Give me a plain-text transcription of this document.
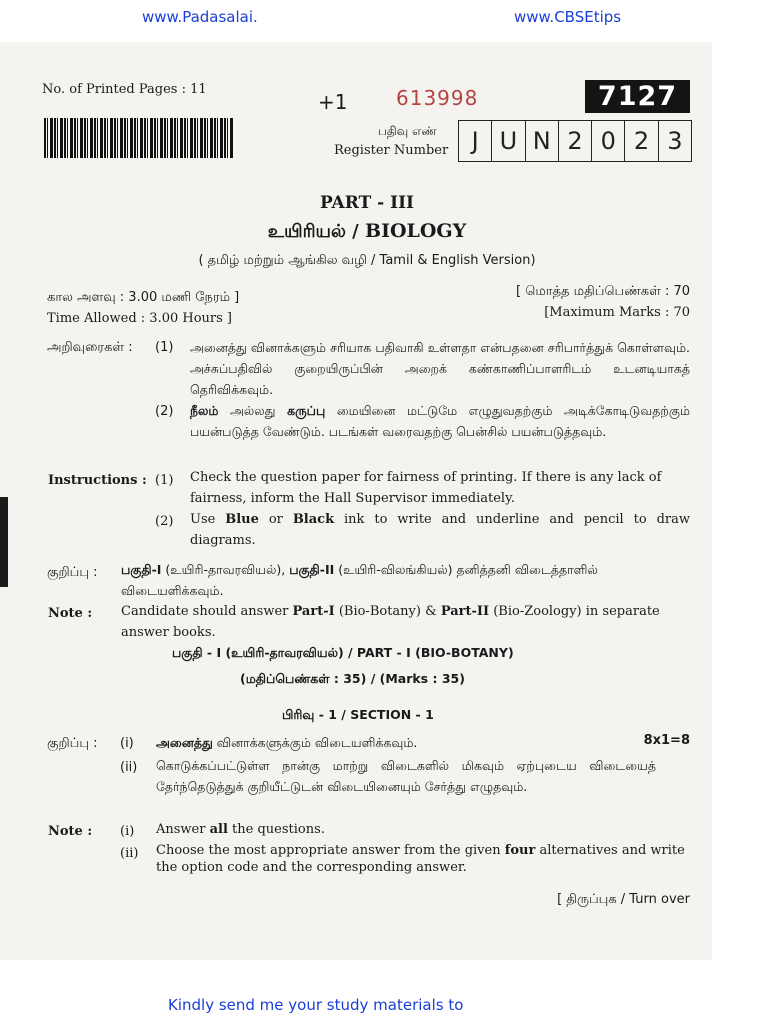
www.Padasalai.	www.CBSEtips
No. of Printed Pages : 11
+1 613998	7127
பதிவு எண்
Register Number J U N 2 0 2 3
PART - III
உயிரியல் / BIOLOGY
( தமிழ் மற்றும் ஆங்கில வழி / Tamil & English Version)
கால அளவு : 3.00 மணி நேரம் ]
Time Allowed : 3.00 Hours ]
[ மொத்த மதிப்பெண்கள் : 70
[Maximum Marks : 70
அறிவுரைகள் : (1) அனைத்து வினாக்களும் சரியாக பதிவாகி உள்ளதா என்பதனை சரிபார்த்துக் கொள்ளவும். அச்சுப்பதிவில் குறையிருப்பின் அறைக் கண்காணிப்பாளரிடம் உடனடியாகத் தெரிவிக்கவும்.
(2) நீலம் அல்லது கருப்பு மையினை மட்டுமே எழுதுவதற்கும் அடிக்கோடிடுவதற்கும் பயன்படுத்த வேண்டும். படங்கள் வரைவதற்கு பென்சில் பயன்படுத்தவும்.
Instructions : (1) Check the question paper for fairness of printing. If there is any lack of fairness, inform the Hall Supervisor immediately.
(2) Use Blue or Black ink to write and underline and pencil to draw diagrams.
குறிப்பு : பகுதி-I (உயிரி-தாவரவியல்), பகுதி-II (உயிரி-விலங்கியல்) தனித்தனி விடைத்தாளில் விடையளிக்கவும்.
Note : Candidate should answer Part-I (Bio-Botany) & Part-II (Bio-Zoology) in separate answer books.
பகுதி - I (உயிரி-தாவரவியல்) / PART - I (BIO-BOTANY)
(மதிப்பெண்கள் : 35) / (Marks : 35)
பிரிவு - 1 / SECTION - 1
குறிப்பு : (i) அனைத்து வினாக்களுக்கும் விடையளிக்கவும்.	8x1=8
(ii) கொடுக்கப்பட்டுள்ள நான்கு மாற்று விடைகளில் மிகவும் ஏற்புடைய விடையைத் தேர்ந்தெடுத்துக் குறியீட்டுடன் விடையினையும் சேர்த்து எழுதவும்.
Note : (i) Answer all the questions.
(ii) Choose the most appropriate answer from the given four alternatives and write the option code and the corresponding answer.
[ திருப்புக / Turn over
Kindly send me your study materials to
